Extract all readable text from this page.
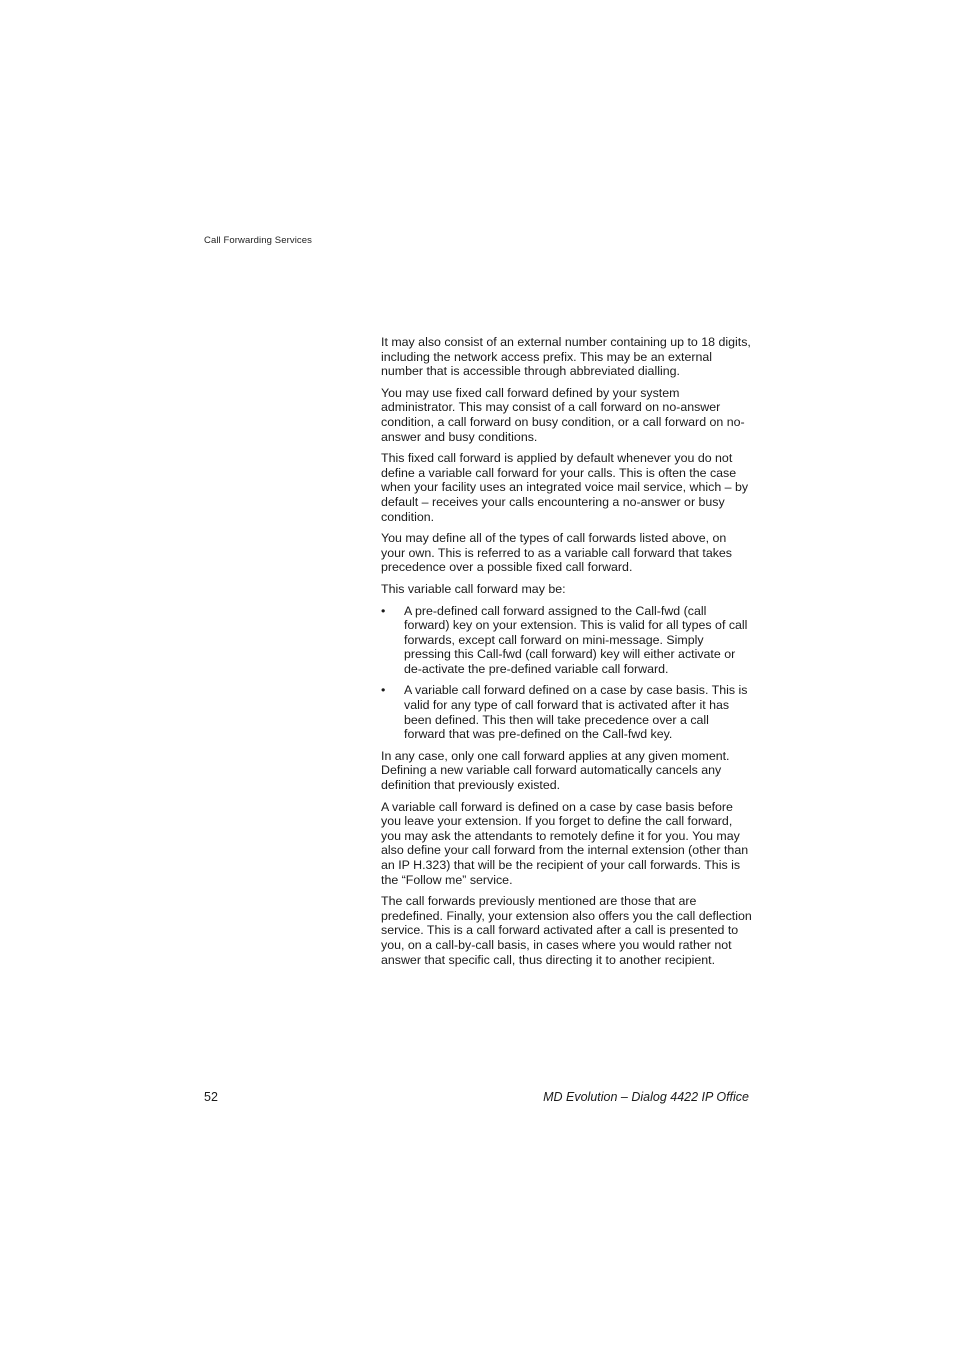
Call Forwarding Services

It may also consist of an external number containing up to 18 digits, including the network access prefix. This may be an external number that is accessible through abbreviated dialling.

You may use fixed call forward defined by your system administrator. This may consist of a call forward on no-answer condition, a call forward on busy condition, or a call forward on no-answer and busy conditions.

This fixed call forward is applied by default whenever you do not define a variable call forward for your calls. This is often the case when your facility uses an integrated voice mail service, which – by default – receives your calls encountering a no-answer or busy condition.

You may define all of the types of call forwards listed above, on your own. This is referred to as a variable call forward that takes precedence over a possible fixed call forward.

This variable call forward may be:

• A pre-defined call forward assigned to the Call-fwd (call forward) key on your extension. This is valid for all types of call forwards, except call forward on mini-message. Simply pressing this Call-fwd (call forward) key will either activate or de-activate the pre-defined variable call forward.
• A variable call forward defined on a case by case basis. This is valid for any type of call forward that is activated after it has been defined. This then will take precedence over a call forward that was pre-defined on the Call-fwd key.

In any case, only one call forward applies at any given moment. Defining a new variable call forward automatically cancels any definition that previously existed.

A variable call forward is defined on a case by case basis before you leave your extension. If you forget to define the call forward, you may ask the attendants to remotely define it for you. You may also define your call forward from the internal extension (other than an IP H.323) that will be the recipient of your call forwards. This is the “Follow me” service.

The call forwards previously mentioned are those that are predefined. Finally, your extension also offers you the call deflection service. This is a call forward activated after a call is presented to you, on a call-by-call basis, in cases where you would rather not answer that specific call, thus directing it to another recipient.

52	MD Evolution – Dialog 4422 IP Office
